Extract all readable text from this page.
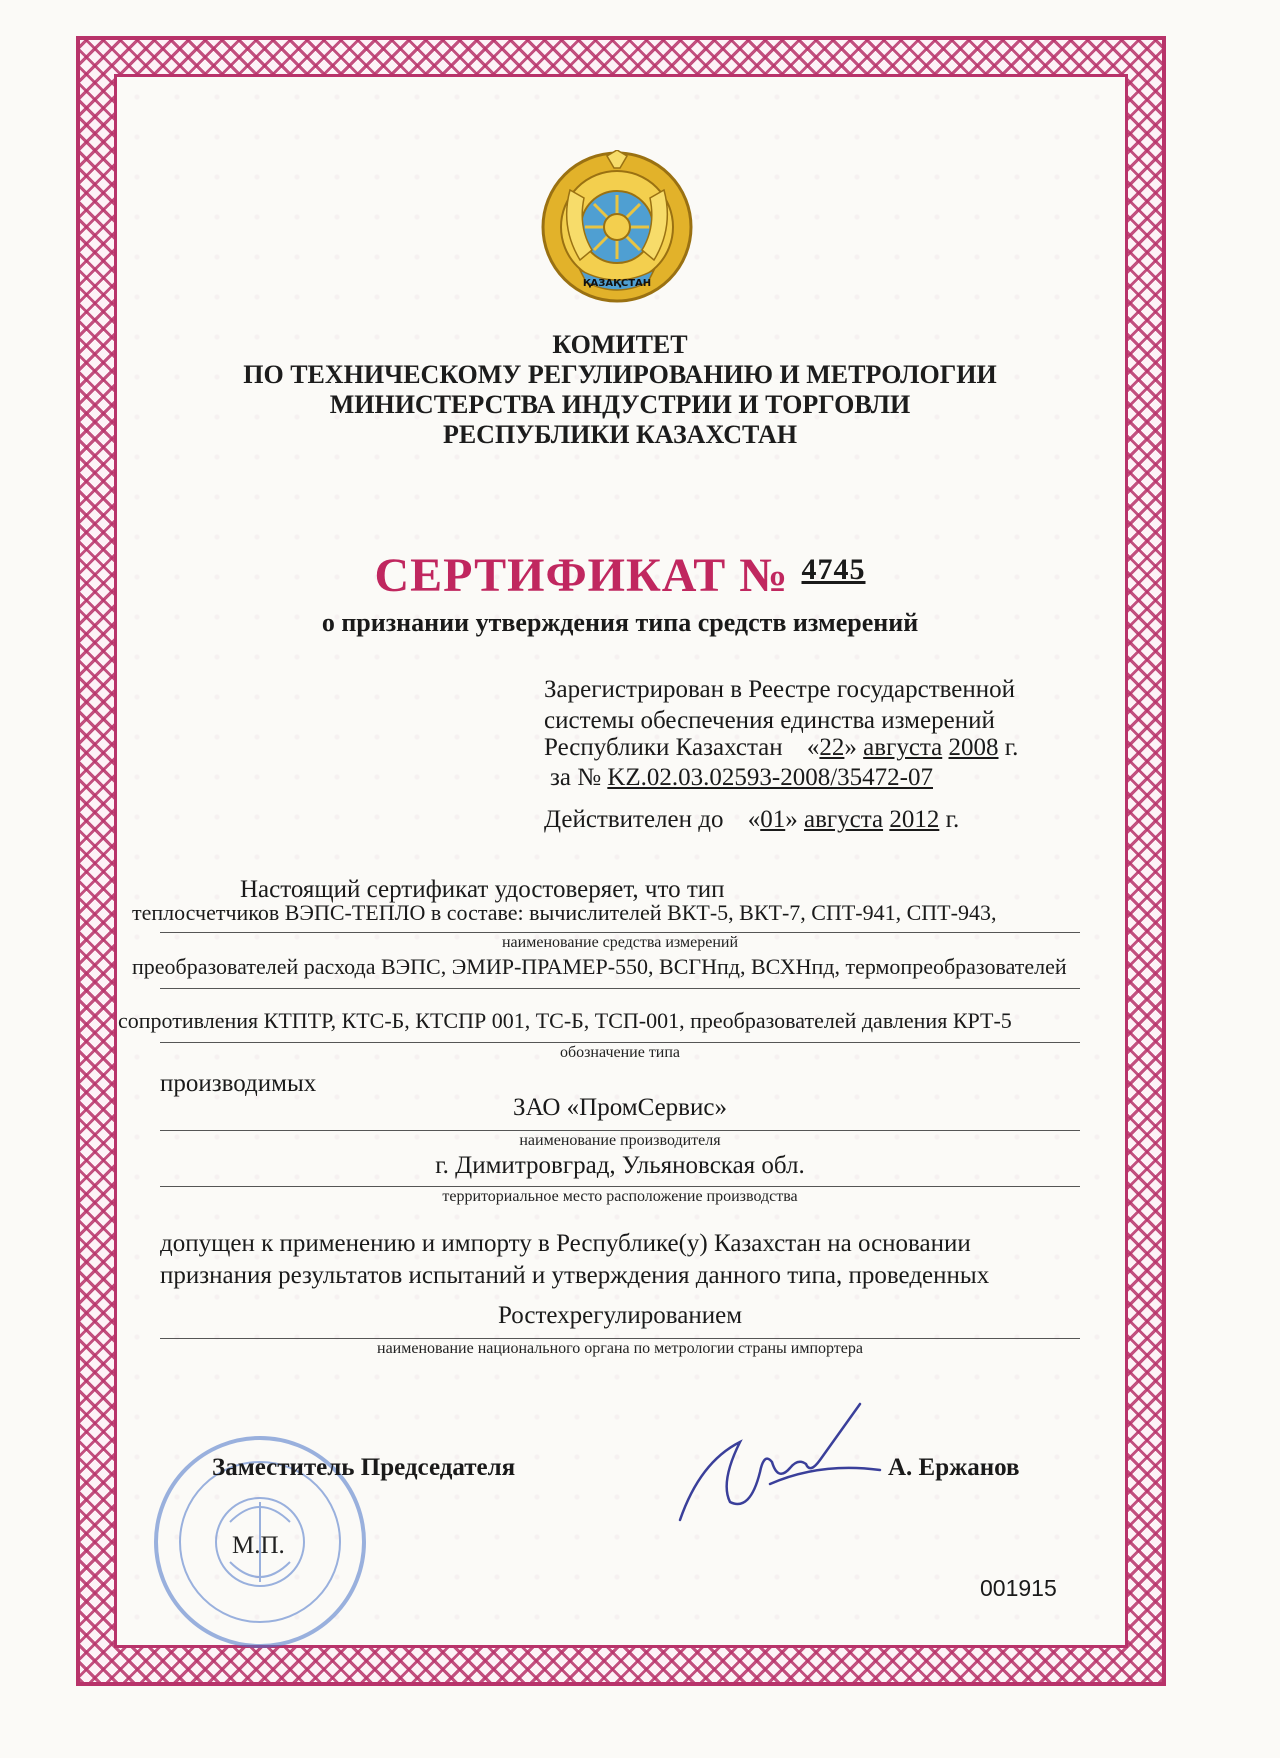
ҚАЗАҚСТАН
КОМИТЕТ
ПО ТЕХНИЧЕСКОМУ РЕГУЛИРОВАНИЮ И МЕТРОЛОГИИ
МИНИСТЕРСТВА ИНДУСТРИИ И ТОРГОВЛИ
РЕСПУБЛИКИ КАЗАХСТАН
СЕРТИФИКАТ № $^{4745}$
о признании утверждения типа средств измерений
Зарегистрирован в Реестре государственной
системы обеспечения единства измерений
Республики Казахстан «22» августа 2008 г.
за № KZ.02.03.02593-2008/35472-07
Действителен до «01» августа 2012 г.
Настоящий сертификат удостоверяет, что тип
теплосчетчиков ВЭПС-ТЕПЛО в составе: вычислителей ВКТ-5, ВКТ-7, СПТ-941, СПТ-943,
наименование средства измерений
преобразователей расхода ВЭПС, ЭМИР-ПРАМЕР-550, ВСГНпд, ВСХНпд, термопреобразователей
сопротивления КТПТР, КТС-Б, КТСПР 001, ТС-Б, ТСП-001, преобразователей давления КРТ-5
обозначение типа
производимых
ЗАО «ПромСервис»
наименование производителя
г. Димитровград, Ульяновская обл.
территориальное место расположение производства
допущен к применению и импорту в Республике(у) Казахстан на основании
признания результатов испытаний и утверждения данного типа, проведенных
Ростехрегулированием
наименование национального органа по метрологии страны импортера
М.П.
Заместитель Председателя	А. Ержанов
001915
